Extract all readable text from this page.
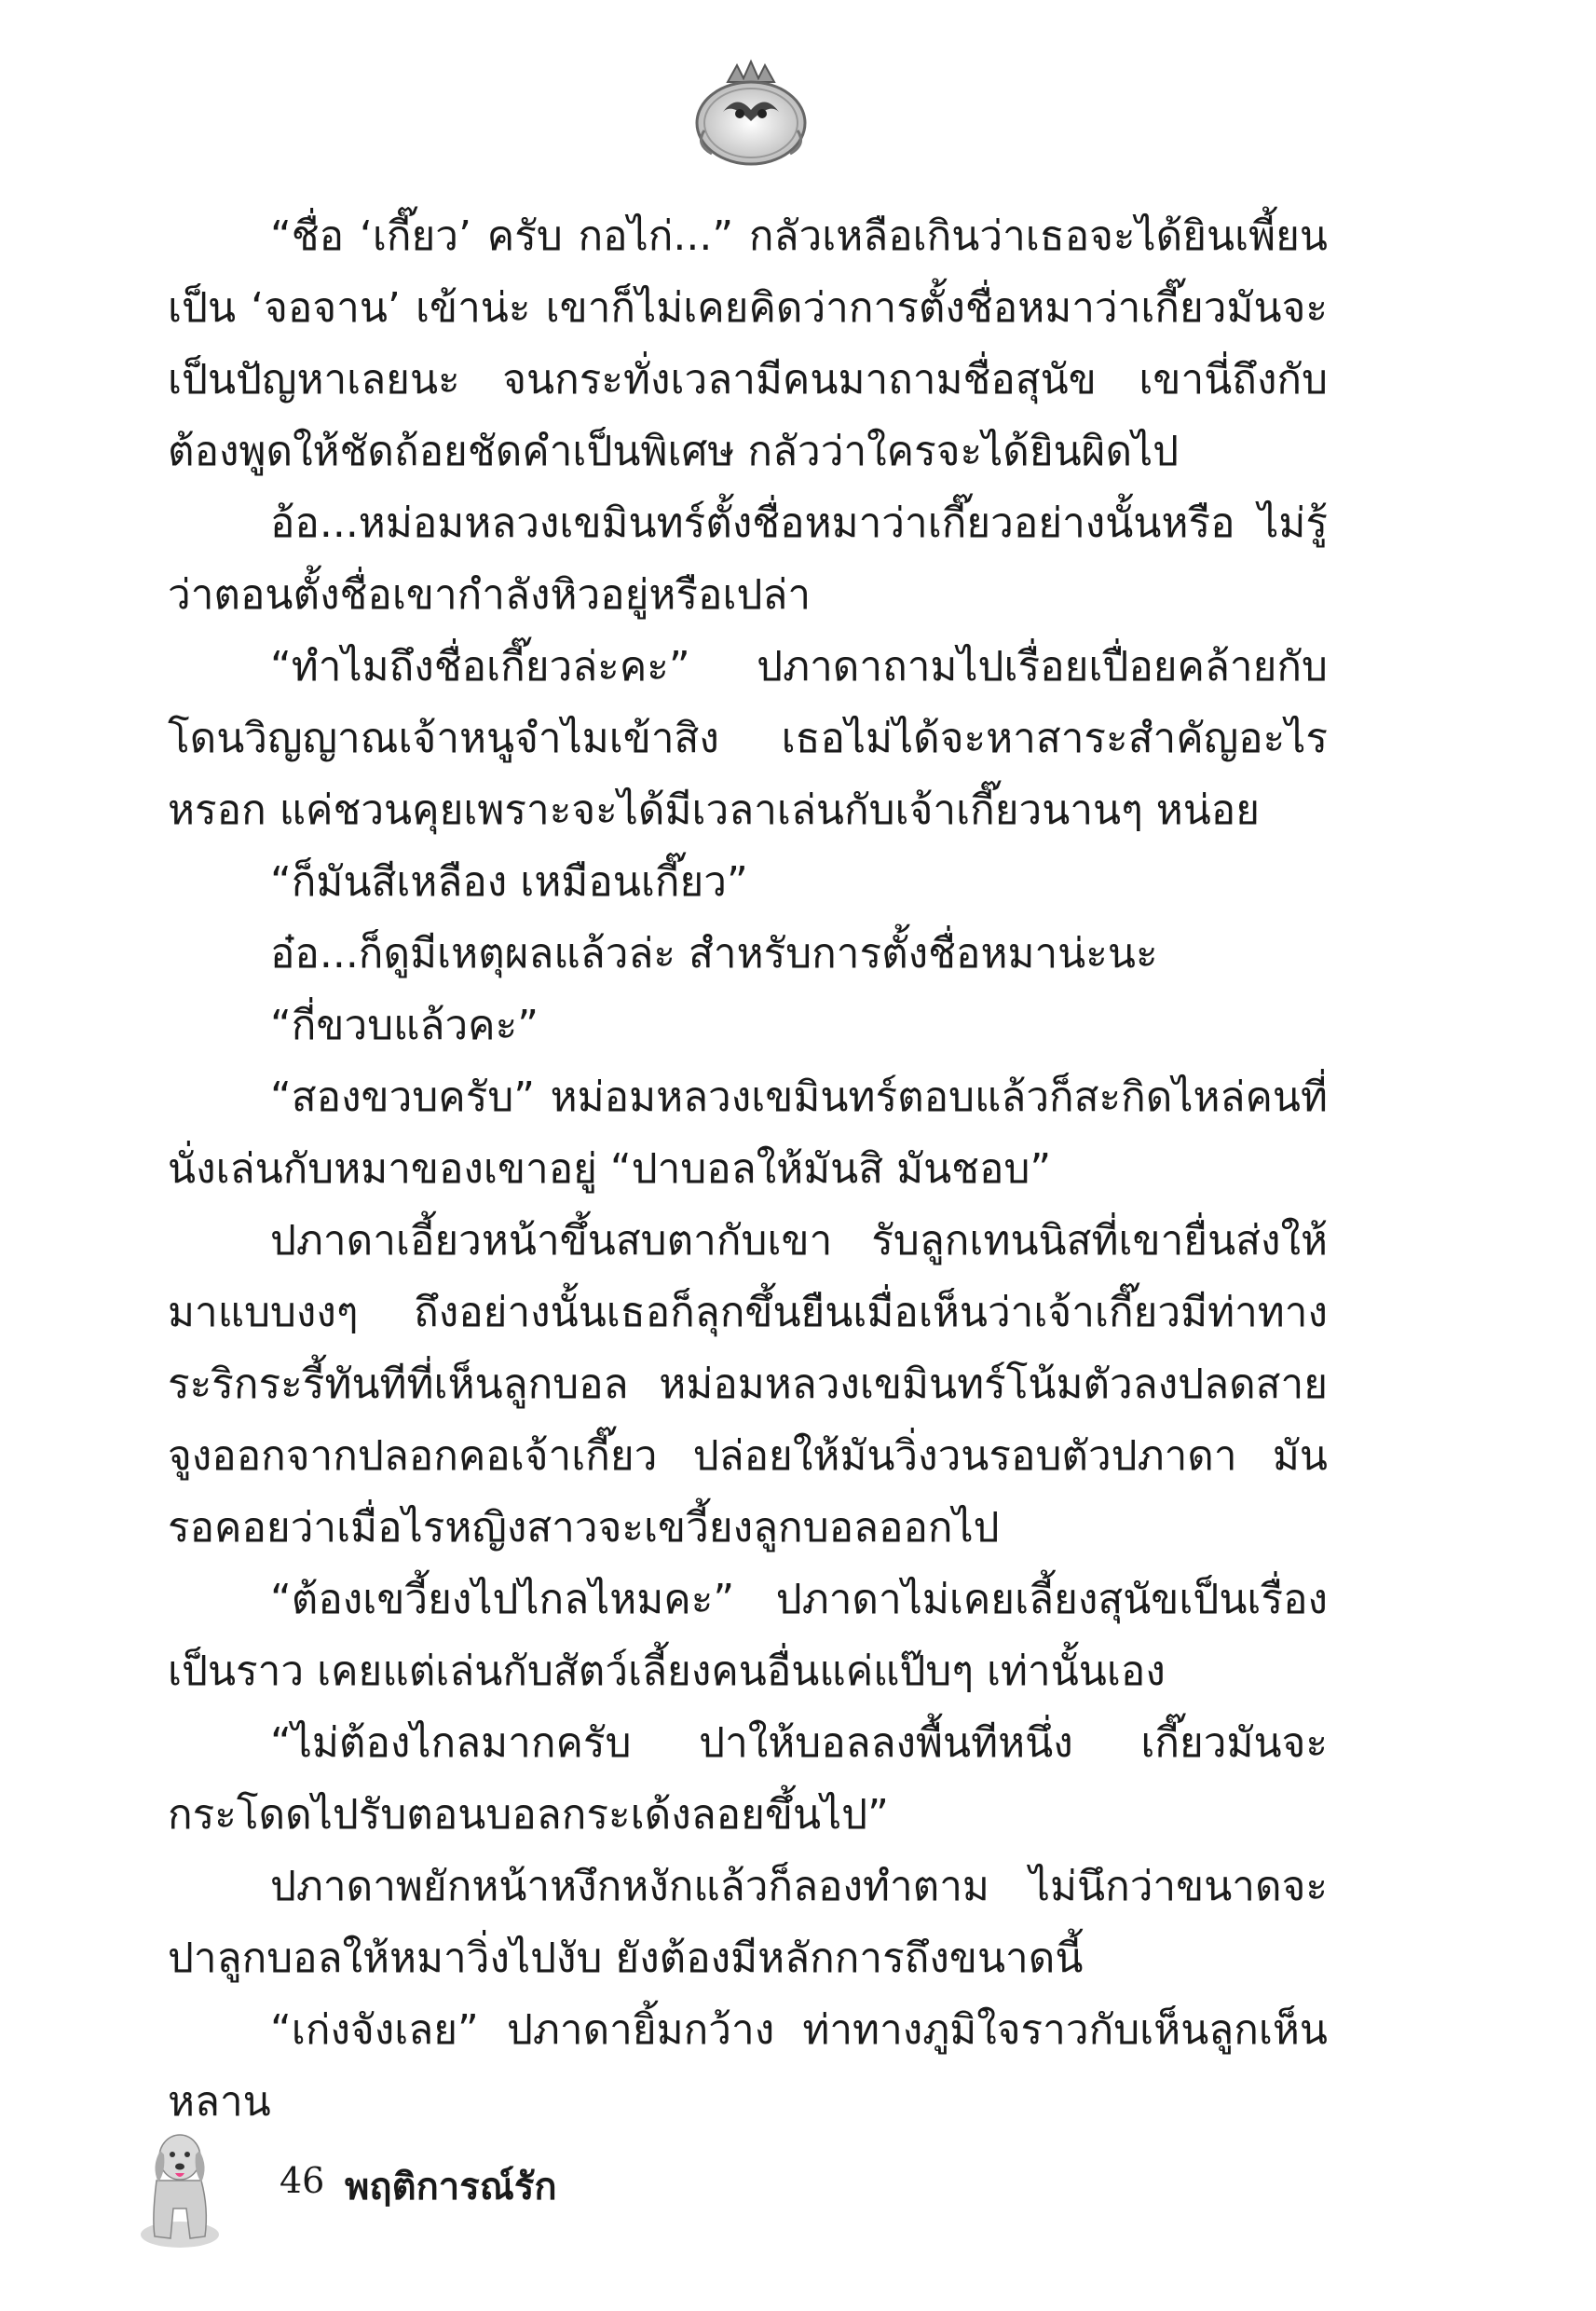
“ชื่อ ‘เกี๊ยว’ ครับ กอไก่...” กลัวเหลือเกินว่าเธอจะได้ยินเพี้ยนเป็น ‘จอจาน’ เข้าน่ะ เขาก็ไม่เคยคิดว่าการตั้งชื่อหมาว่าเกี๊ยวมันจะเป็นปัญหาเลยนะ จนกระทั่งเวลามีคนมาถามชื่อสุนัข เขานี่ถึงกับต้องพูดให้ชัดถ้อยชัดคำเป็นพิเศษ กลัวว่าใครจะได้ยินผิดไป

อ้อ...หม่อมหลวงเขมินทร์ตั้งชื่อหมาว่าเกี๊ยวอย่างนั้นหรือ ไม่รู้ว่าตอนตั้งชื่อเขากำลังหิวอยู่หรือเปล่า

“ทำไมถึงชื่อเกี๊ยวล่ะคะ” ปภาดาถามไปเรื่อยเปื่อยคล้ายกับโดนวิญญาณเจ้าหนูจำไมเข้าสิง เธอไม่ได้จะหาสาระสำคัญอะไรหรอก แค่ชวนคุยเพราะจะได้มีเวลาเล่นกับเจ้าเกี๊ยวนานๆ หน่อย

“ก็มันสีเหลือง เหมือนเกี๊ยว”

อ๋อ...ก็ดูมีเหตุผลแล้วล่ะ สำหรับการตั้งชื่อหมาน่ะนะ

“กี่ขวบแล้วคะ”

“สองขวบครับ” หม่อมหลวงเขมินทร์ตอบแล้วก็สะกิดไหล่คนที่นั่งเล่นกับหมาของเขาอยู่ “ปาบอลให้มันสิ มันชอบ”

ปภาดาเอี้ยวหน้าขึ้นสบตากับเขา รับลูกเทนนิสที่เขายื่นส่งให้มาแบบงงๆ ถึงอย่างนั้นเธอก็ลุกขึ้นยืนเมื่อเห็นว่าเจ้าเกี๊ยวมีท่าทางระริกระรี้ทันทีที่เห็นลูกบอล หม่อมหลวงเขมินทร์โน้มตัวลงปลดสายจูงออกจากปลอกคอเจ้าเกี๊ยว ปล่อยให้มันวิ่งวนรอบตัวปภาดา มันรอคอยว่าเมื่อไรหญิงสาวจะเขวี้ยงลูกบอลออกไป

“ต้องเขวี้ยงไปไกลไหมคะ” ปภาดาไม่เคยเลี้ยงสุนัขเป็นเรื่องเป็นราว เคยแต่เล่นกับสัตว์เลี้ยงคนอื่นแค่แป๊บๆ เท่านั้นเอง

“ไม่ต้องไกลมากครับ ปาให้บอลลงพื้นทีหนึ่ง เกี๊ยวมันจะกระโดดไปรับตอนบอลกระเด้งลอยขึ้นไป”

ปภาดาพยักหน้าหงึกหงักแล้วก็ลองทำตาม ไม่นึกว่าขนาดจะปาลูกบอลให้หมาวิ่งไปงับ ยังต้องมีหลักการถึงขนาดนี้

“เก่งจังเลย” ปภาดายิ้มกว้าง ท่าทางภูมิใจราวกับเห็นลูกเห็นหลาน

46 พฤติการณ์รัก
